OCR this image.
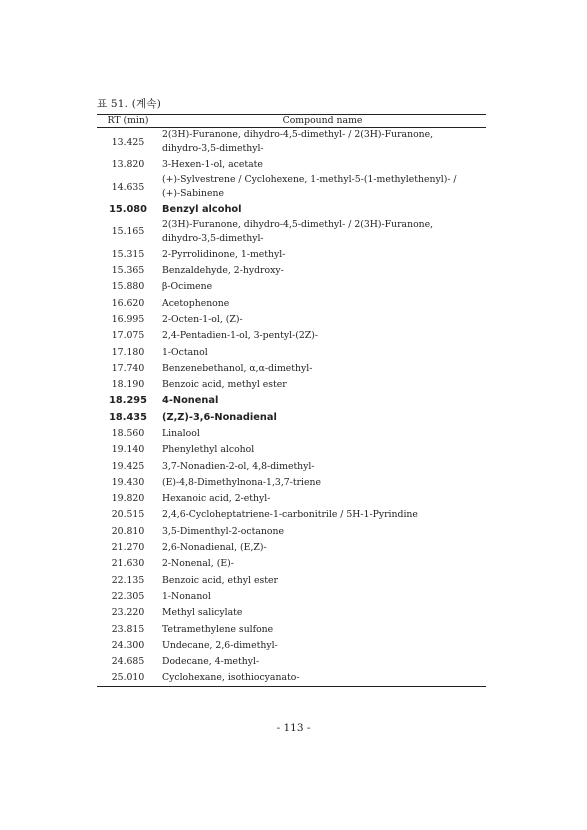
표 51. (계속)
RT (min)	Compound name
13.425	2(3H)-Furanone, dihydro-4,5-dimethyl- / 2(3H)-Furanone,
dihydro-3,5-dimethyl-

13.820	3-Hexen-1-ol, acetate

14.635	(+)-Sylvestrene / Cyclohexene, 1-methyl-5-(1-methylethenyl)- /
(+)-Sabinene

15.080	Benzyl alcohol

15.165	2(3H)-Furanone, dihydro-4,5-dimethyl- / 2(3H)-Furanone,
dihydro-3,5-dimethyl-

15.315	2-Pyrrolidinone, 1-methyl-

15.365	Benzaldehyde, 2-hydroxy-

15.880	β-Ocimene

16.620	Acetophenone

16.995	2-Octen-1-ol, (Z)-

17.075	2,4-Pentadien-1-ol, 3-pentyl-(2Z)-

17.180	1-Octanol

17.740	Benzenebethanol, α,α-dimethyl-

18.190	Benzoic acid, methyl ester

18.295	4-Nonenal

18.435	(Z,Z)-3,6-Nonadienal

18.560	Linalool

19.140	Phenylethyl alcohol

19.425	3,7-Nonadien-2-ol, 4,8-dimethyl-

19.430	(E)-4,8-Dimethylnona-1,3,7-triene

19.820	Hexanoic acid, 2-ethyl-

20.515	2,4,6-Cycloheptatriene-1-carbonitrile / 5H-1-Pyrindine

20.810	3,5-Dimenthyl-2-octanone

21.270	2,6-Nonadienal, (E,Z)-

21.630	2-Nonenal, (E)-

22.135	Benzoic acid, ethyl ester

22.305	1-Nonanol

23.220	Methyl salicylate

23.815	Tetramethylene sulfone

24.300	Undecane, 2,6-dimethyl-

24.685	Dodecane, 4-methyl-

25.010	Cyclohexane, isothiocyanato-
- 113 -
